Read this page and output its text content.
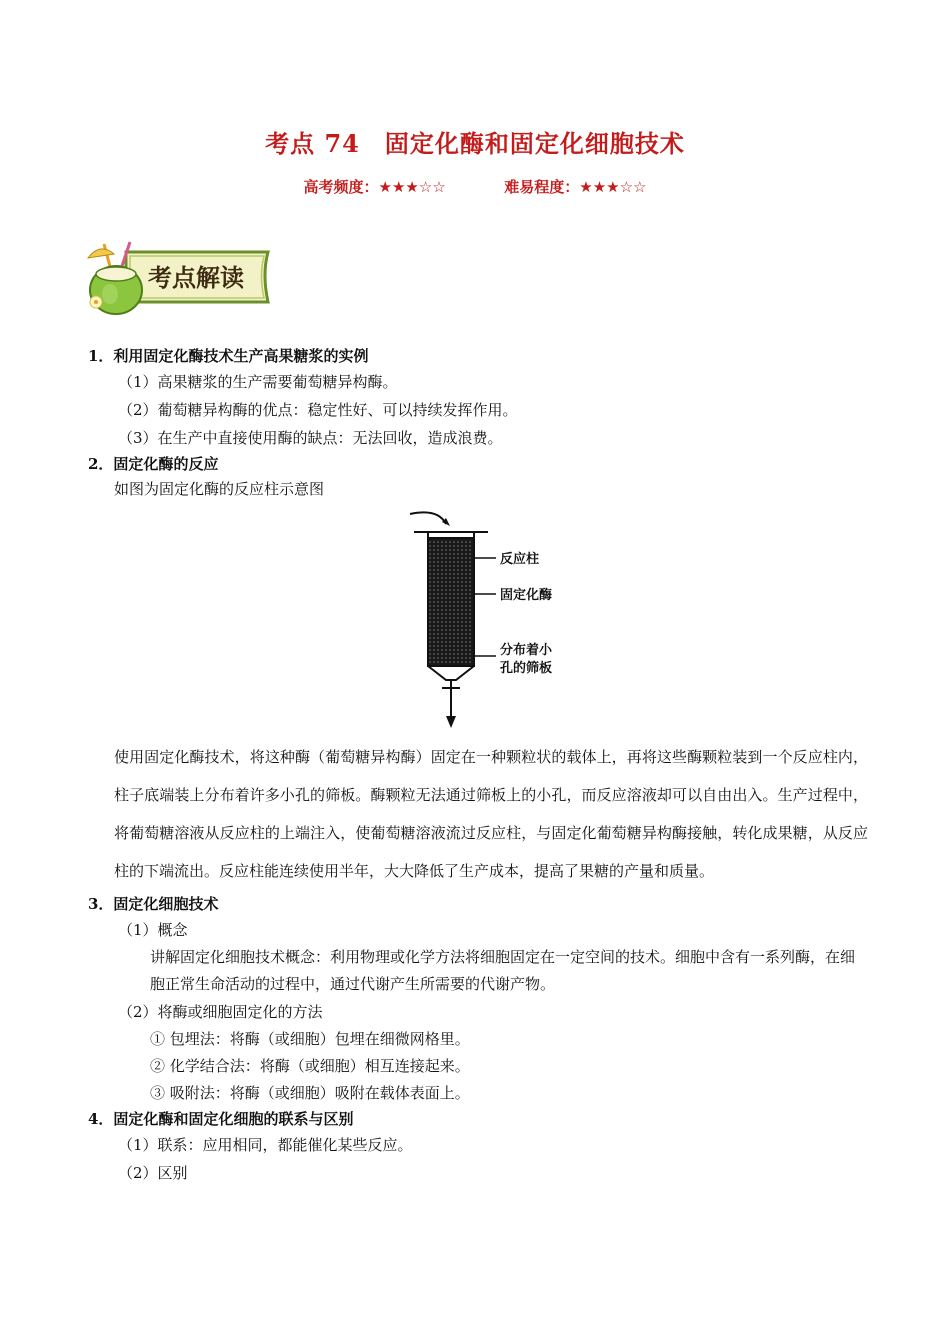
考点 74　固定化酶和固定化细胞技术
高考频度：★★★☆☆	难易程度：★★★☆☆
考点解读

1．利用固定化酶技术生产高果糖浆的实例

（1）高果糖浆的生产需要葡萄糖异构酶。

（2）葡萄糖异构酶的优点：稳定性好、可以持续发挥作用。

（3）在生产中直接使用酶的缺点：无法回收，造成浪费。

2．固定化酶的反应

如图为固定化酶的反应柱示意图

反应柱
固定化酶
分布着小
孔的筛板

使用固定化酶技术，将这种酶（葡萄糖异构酶）固定在一种颗粒状的载体上，再将这些酶颗粒装到一个反应柱内，柱子底端装上分布着许多小孔的筛板。酶颗粒无法通过筛板上的小孔，而反应溶液却可以自由出入。生产过程中，将葡萄糖溶液从反应柱的上端注入，使葡萄糖溶液流过反应柱，与固定化葡萄糖异构酶接触，转化成果糖，从反应柱的下端流出。反应柱能连续使用半年，大大降低了生产成本，提高了果糖的产量和质量。

3．固定化细胞技术

（1）概念

讲解固定化细胞技术概念：利用物理或化学方法将细胞固定在一定空间的技术。细胞中含有一系列酶，在细胞正常生命活动的过程中，通过代谢产生所需要的代谢产物。

（2）将酶或细胞固定化的方法

① 包埋法：将酶（或细胞）包埋在细微网格里。

② 化学结合法：将酶（或细胞）相互连接起来。

③ 吸附法：将酶（或细胞）吸附在载体表面上。

4．固定化酶和固定化细胞的联系与区别

（1）联系：应用相同，都能催化某些反应。

（2）区别
